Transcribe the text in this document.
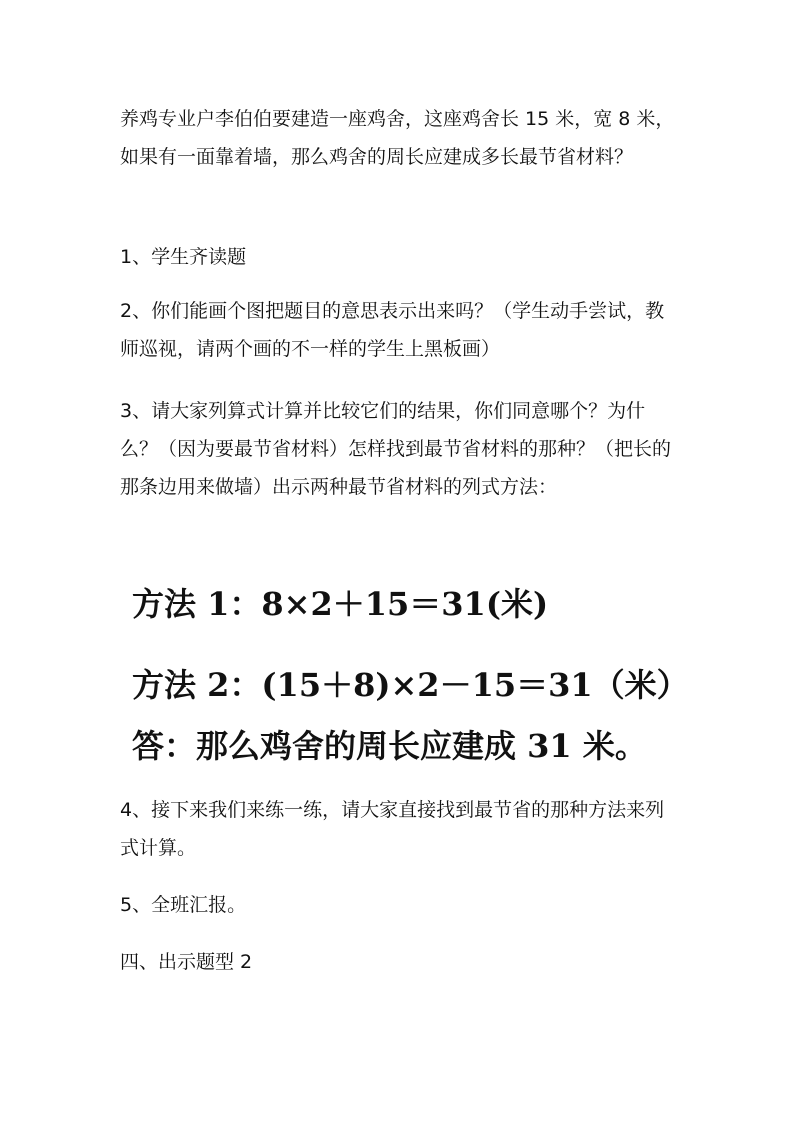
养鸡专业户李伯伯要建造一座鸡舍，这座鸡舍长 15 米，宽 8 米，如果有一面靠着墙，那么鸡舍的周长应建成多长最节省材料？

1、学生齐读题

2、你们能画个图把题目的意思表示出来吗？（学生动手尝试，教师巡视，请两个画的不一样的学生上黑板画）

3、请大家列算式计算并比较它们的结果，你们同意哪个？为什么？（因为要最节省材料）怎样找到最节省材料的那种？（把长的那条边用来做墙）出示两种最节省材料的列式方法：

方法 1：8×2＋15＝31(米)

方法 2：(15＋8)×2－15＝31（米）

答：那么鸡舍的周长应建成 31 米。

4、接下来我们来练一练，请大家直接找到最节省的那种方法来列式计算。

5、全班汇报。

四、出示题型 2
